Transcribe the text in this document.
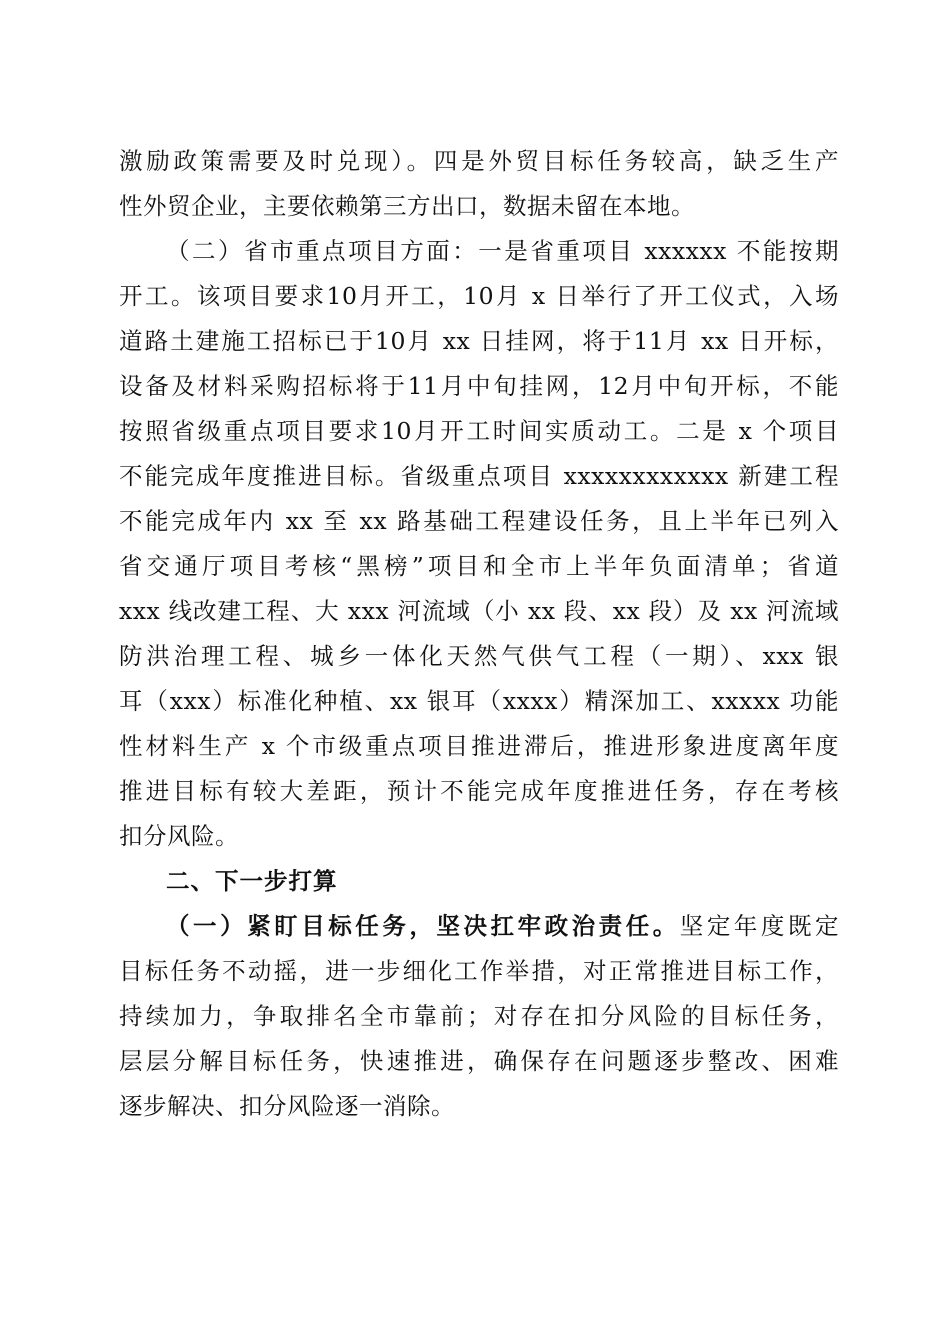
激励政策需要及时兑现）。四是外贸目标任务较高，缺乏生产
性外贸企业，主要依赖第三方出口，数据未留在本地。
（二）省市重点项目方面：一是省重项目 xxxxxx 不能按期
开工。该项目要求10月开工，10月 x 日举行了开工仪式，入场
道路土建施工招标已于10月 xx 日挂网，将于11月 xx 日开标，
设备及材料采购招标将于11月中旬挂网，12月中旬开标，不能
按照省级重点项目要求10月开工时间实质动工。二是 x 个项目
不能完成年度推进目标。省级重点项目 xxxxxxxxxxxx 新建工程
不能完成年内 xx 至 xx 路基础工程建设任务，且上半年已列入
省交通厅项目考核“黑榜”项目和全市上半年负面清单；省道
xxx 线改建工程、大 xxx 河流域（小 xx 段、xx 段）及 xx 河流域
防洪治理工程、城乡一体化天然气供气工程（一期）、xxx 银
耳（xxx）标准化种植、xx 银耳（xxxx）精深加工、xxxxx 功能
性材料生产 x 个市级重点项目推进滞后，推进形象进度离年度
推进目标有较大差距，预计不能完成年度推进任务，存在考核
扣分风险。
二、下一步打算
（一）紧盯目标任务，坚决扛牢政治责任。坚定年度既定
目标任务不动摇，进一步细化工作举措，对正常推进目标工作，
持续加力，争取排名全市靠前；对存在扣分风险的目标任务，
层层分解目标任务，快速推进，确保存在问题逐步整改、困难
逐步解决、扣分风险逐一消除。
